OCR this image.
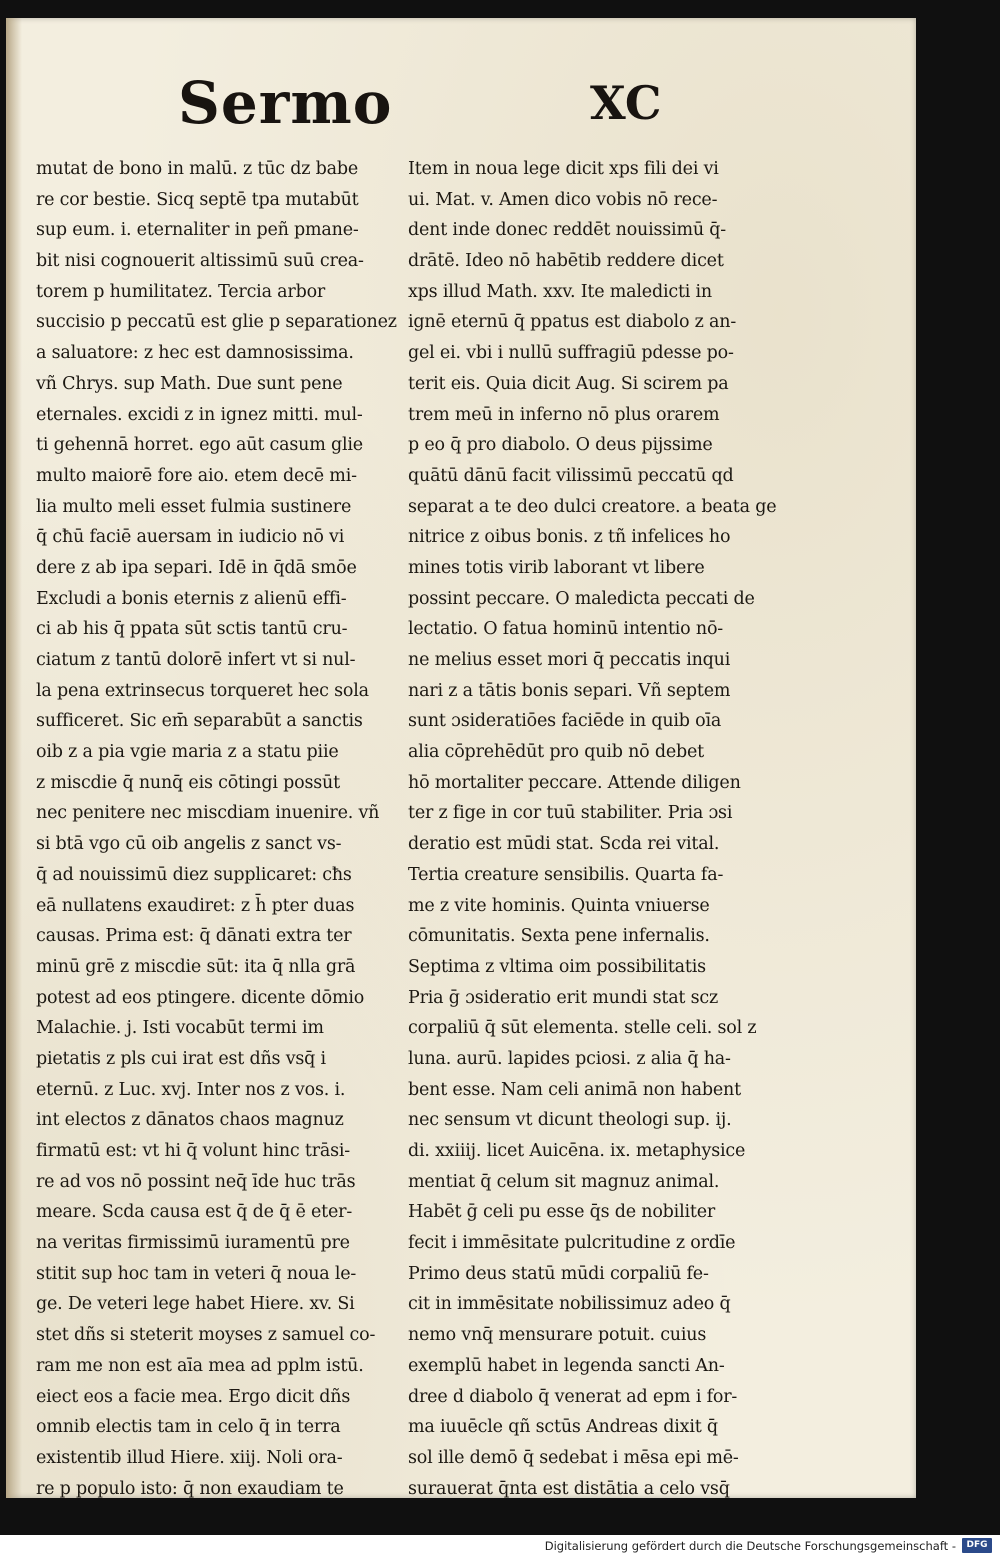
Sermo	XC
mutat de bono in malū. z tūc dz babe
re cor bestie. Sicq septē tpa mutabūt
sup eum. i. eternaliter in peñ pmane-
bit nisi cognouerit altissimū suū crea-
torem p humilitatez. Tercia arbor
succisio p peccatū est glie p separationez
a saluatore: z hec est damnosissima.
vñ Chrys. sup Math. Due sunt pene
eternales. excidi z in ignez mitti. mul-
ti gehennā horret. ego aūt casum glie
multo maiorē fore aio. etem decē mi-
lia multo meli esset fulmia sustinere
q̄ cħū faciē auersam in iudicio nō vi
dere z ab ipa separi. Idē in q̄dā smōe
Excludi a bonis eternis z alienū effi-
ci ab his q̄ ppata sūt sctis tantū cru-
ciatum z tantū dolorē infert vt si nul-
la pena extrinsecus torqueret hec sola
sufficeret. Sic em̄ separabūt a sanctis
oib z a pia vgie maria z a statu piie
z miscdie q̄ nunq̄ eis cōtingi possūt
nec penitere nec miscdiam inuenire. vñ
si btā vgo cū oib angelis z sanct vs-
q̄ ad nouissimū diez supplicaret: cħs
eā nullatens exaudiret: z h̄ pter duas
causas. Prima est: q̄ dānati extra ter
minū grē z miscdie sūt: ita q̄ nlla grā
potest ad eos ptingere. dicente dōmio
Malachie. j. Isti vocabūt termi im
pietatis z pls cui irat est dñs vsq̄ i
eternū. z Luc. xvj. Inter nos z vos. i.
int electos z dānatos chaos magnuz
firmatū est: vt hi q̄ volunt hinc trāsi-
re ad vos nō possint neq̄ īde huc trās
meare. Scda causa est q̄ de q̄ ē eter-
na veritas firmissimū iuramentū pre
stitit sup hoc tam in veteri q̄ noua le-
ge. De veteri lege habet Hiere. xv. Si
stet dñs si steterit moyses z samuel co-
ram me non est aīa mea ad pplm istū.
eiect eos a facie mea. Ergo dicit dñs
omnib electis tam in celo q̄ in terra
existentib illud Hiere. xiij. Noli ora-
re p populo isto: q̄ non exaudiam te
Item in noua lege dicit xps fili dei vi
ui. Mat. v. Amen dico vobis nō rece-
dent inde donec reddēt nouissimū q̄-
drātē. Ideo nō habētib reddere dicet
xps illud Math. xxv. Ite maledicti in
ignē eternū q̄ ppatus est diabolo z an-
gel ei. vbi i nullū suffragiū pdesse po-
terit eis. Quia dicit Aug. Si scirem pa
trem meū in inferno nō plus orarem
p eo q̄ pro diabolo. O deus pijssime
quātū dānū facit vilissimū peccatū qd
separat a te deo dulci creatore. a beata ge
nitrice z oibus bonis. z tñ infelices ho
mines totis virib laborant vt libere
possint peccare. O maledicta peccati de
lectatio. O fatua hominū intentio nō-
ne melius esset mori q̄ peccatis inqui
nari z a tātis bonis separi. Vñ septem
sunt ɔsideratiōes faciēde in quib oīa
alia cōprehēdūt pro quib nō debet
hō mortaliter peccare. Attende diligen
ter z fige in cor tuū stabiliter. Pria ɔsi
deratio est mūdi stat. Scda rei vital.
Tertia creature sensibilis. Quarta fa-
me z vite hominis. Quinta vniuerse
cōmunitatis. Sexta pene infernalis.
Septima z vltima oim possibilitatis
Pria ḡ ɔsideratio erit mundi stat scz
corpaliū q̄ sūt elementa. stelle celi. sol z
luna. aurū. lapides pciosi. z alia q̄ ha-
bent esse. Nam celi animā non habent
nec sensum vt dicunt theologi sup. ij.
di. xxiiij. licet Auicēna. ix. metaphysice
mentiat q̄ celum sit magnuz animal.
Habēt ḡ celi pu esse q̄s de nobiliter
fecit i immēsitate pulcritudine z ordīe
Primo deus statū mūdi corpaliū fe-
cit in immēsitate nobilissimuz adeo q̄
nemo vnq̄ mensurare potuit. cuius
exemplū habet in legenda sancti An-
dree d diabolo q̄ venerat ad epm i for-
ma iuuēcle qñ sctūs Andreas dixit q̄
sol ille demō q̄ sedebat i mēsa epi mē-
surauerat q̄nta est distātia a celo vsq̄
Digitalisierung gefördert durch die Deutsche Forschungsgemeinschaft -	DFG
